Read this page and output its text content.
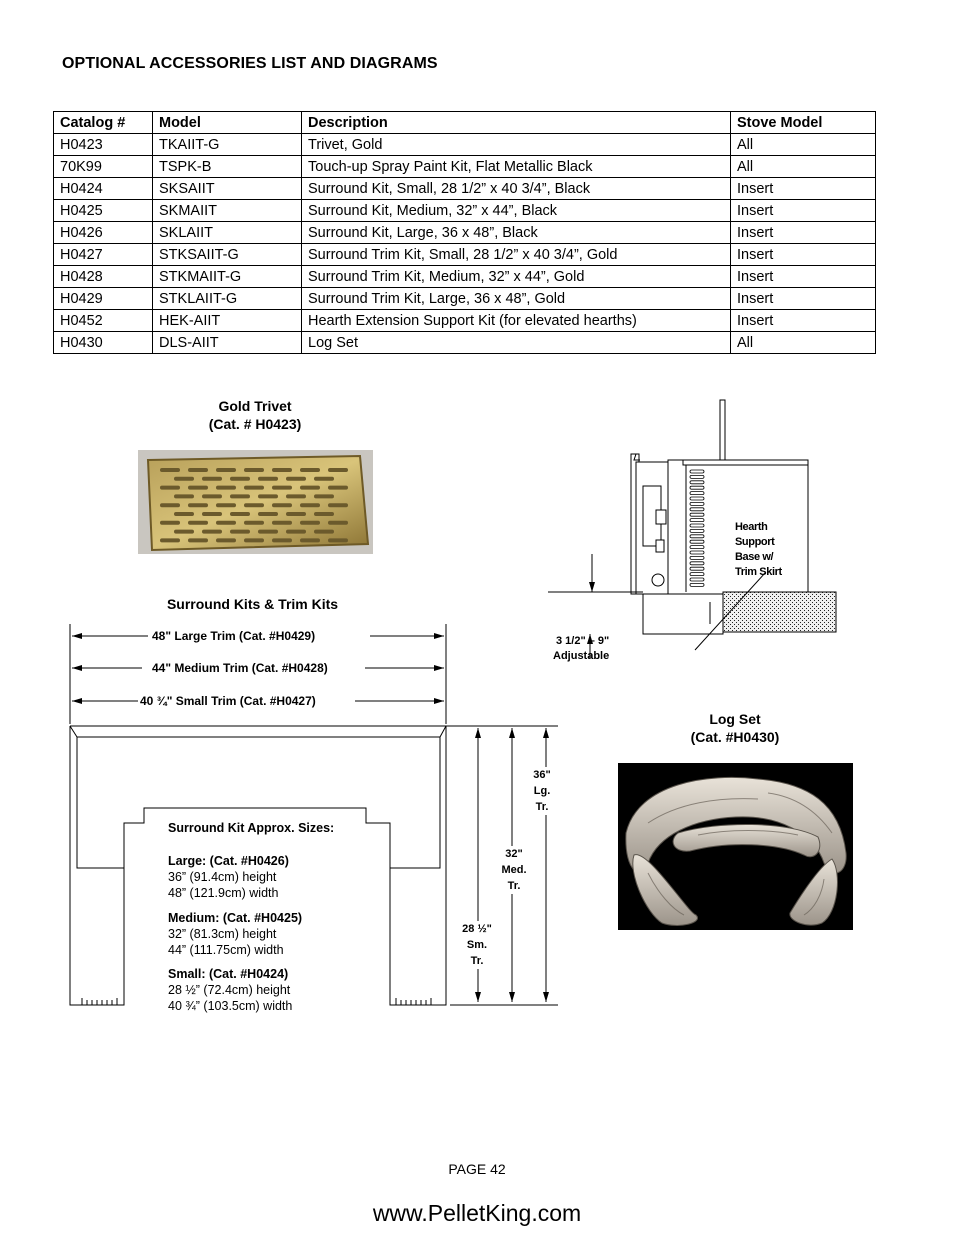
OPTIONAL ACCESSORIES LIST AND DIAGRAMS
Catalog #	Model	Description	Stove Model
H0423	TKAIIT-G	Trivet, Gold	All
70K99	TSPK-B	Touch-up Spray Paint Kit, Flat Metallic Black	All
H0424	SKSAIIT	Surround Kit, Small, 28 1/2” x 40 3/4”, Black	Insert
H0425	SKMAIIT	Surround Kit, Medium, 32” x 44”, Black	Insert
H0426	SKLAIIT	Surround Kit, Large, 36 x 48”, Black	Insert
H0427	STKSAIIT-G	Surround Trim Kit, Small, 28 1/2” x 40 3/4”, Gold	Insert
H0428	STKMAIIT-G	Surround Trim Kit, Medium, 32” x 44”, Gold	Insert
H0429	STKLAIIT-G	Surround Trim Kit, Large, 36 x 48”, Gold	Insert
H0452	HEK-AIIT	Hearth Extension Support Kit (for elevated hearths)	Insert
H0430	DLS-AIIT	Log Set	All
Gold Trivet
(Cat. # H0423)
Surround Kits & Trim Kits
48" Large Trim (Cat. #H0429)
44" Medium Trim (Cat. #H0428)
40 ¾" Small Trim (Cat. #H0427)
Surround Kit Approx. Sizes:
Large: (Cat. #H0426)
36” (91.4cm) height
48” (121.9cm) width
Medium: (Cat. #H0425)
32” (81.3cm) height
44” (111.75cm) width
Small: (Cat. #H0424)
28 ½” (72.4cm) height
40 ¾” (103.5cm) width
36"
Lg.
Tr.
32"
Med.
Tr.
28 ½"
Sm.
Tr.
Hearth
Support
Base w/
Trim Skirt
3 1/2" – 9"
Adjustable
Log Set
(Cat. #H0430)
PAGE 42
www.PelletKing.com
